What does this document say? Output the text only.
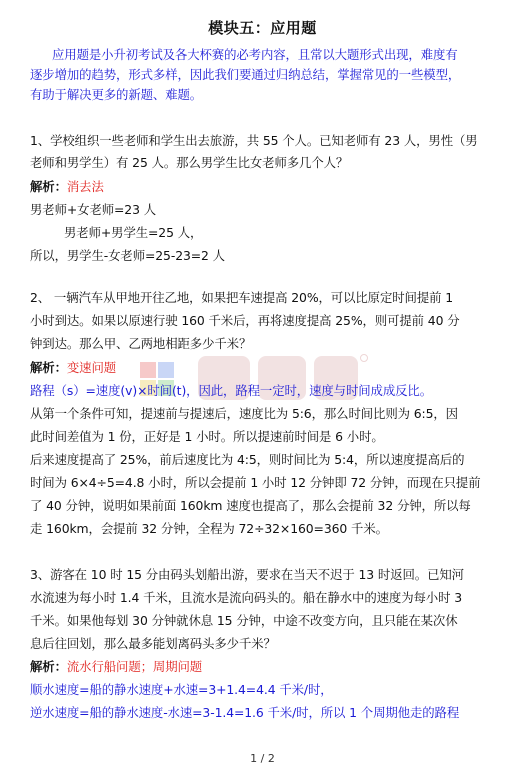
模块五：应用题
应用题是小升初考试及各大杯赛的必考内容，且常以大题形式出现，难度有
逐步增加的趋势，形式多样，因此我们要通过归纳总结，掌握常见的一些模型，
有助于解决更多的新题、难题。
1、学校组织一些老师和学生出去旅游，共 55 个人。已知老师有 23 人，男性（男
老师和男学生）有 25 人。那么男学生比女老师多几个人？
解析：消去法
男老师+女老师=23 人
男老师+男学生=25 人，
所以，男学生-女老师=25-23=2 人
2、 一辆汽车从甲地开往乙地，如果把车速提高 20%，可以比原定时间提前 1
小时到达。如果以原速行驶 160 千米后，再将速度提高 25%，则可提前 40 分
钟到达。那么甲、乙两地相距多少千米？
解析：变速问题
路程（s）=速度(v)×时间(t)，因此，路程一定时，速度与时间成成反比。
从第一个条件可知，提速前与提速后，速度比为 5:6，那么时间比则为 6:5，因
此时间差值为 1 份，正好是 1 小时。所以提速前时间是 6 小时。
后来速度提高了 25%，前后速度比为 4:5，则时间比为 5:4，所以速度提高后的
时间为 6×4÷5=4.8 小时，所以会提前 1 小时 12 分钟即 72 分钟，而现在只提前
了 40 分钟，说明如果前面 160km 速度也提高了，那么会提前 32 分钟，所以每
走 160km，会提前 32 分钟，全程为 72÷32×160=360 千米。
3、游客在 10 时 15 分由码头划船出游，要求在当天不迟于 13 时返回。已知河
水流速为每小时 1.4 千米，且流水是流向码头的。船在静水中的速度为每小时 3
千米。如果他每划 30 分钟就休息 15 分钟，中途不改变方向，且只能在某次休
息后往回划，那么最多能划离码头多少千米？
解析：流水行船问题；周期问题
顺水速度=船的静水速度+水速=3+1.4=4.4 千米/时，
逆水速度=船的静水速度-水速=3-1.4=1.6 千米/时，所以 1 个周期他走的路程
1 / 2
